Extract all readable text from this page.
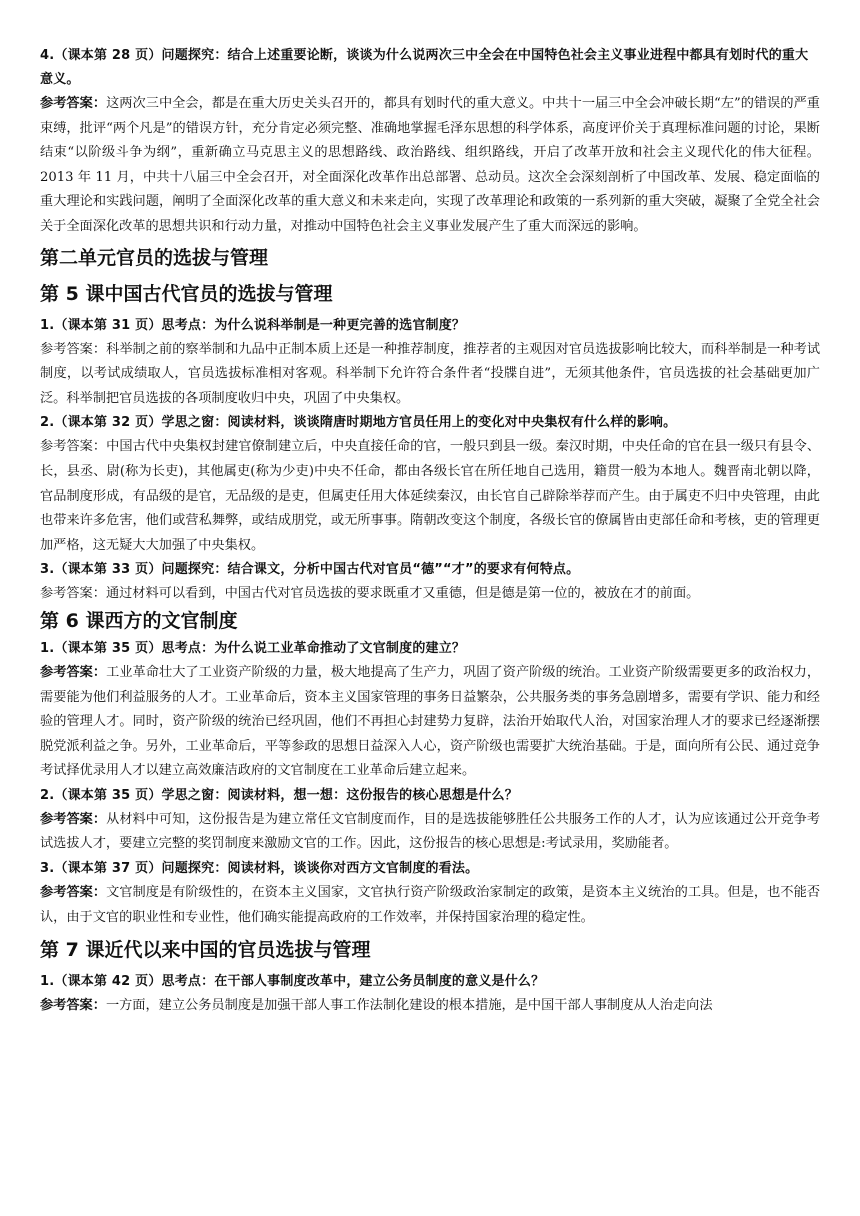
4.（课本第 28 页）问题探究：结合上述重要论断，谈谈为什么说两次三中全会在中国特色社会主义事业进程中都具有划时代的重大意义。

参考答案：这两次三中全会，都是在重大历史关头召开的，都具有划时代的重大意义。中共十一届三中全会冲破长期“左”的错误的严重束缚，批评“两个凡是”的错误方针，充分肯定必须完整、准确地掌握毛泽东思想的科学体系，高度评价关于真理标准问题的讨论，果断结束“以阶级斗争为纲”，重新确立马克思主义的思想路线、政治路线、组织路线，开启了改革开放和社会主义现代化的伟大征程。2013 年 11 月，中共十八届三中全会召开，对全面深化改革作出总部署、总动员。这次全会深刻剖析了中国改革、发展、稳定面临的重大理论和实践问题，阐明了全面深化改革的重大意义和未来走向，实现了改革理论和政策的一系列新的重大突破，凝聚了全党全社会关于全面深化改革的思想共识和行动力量，对推动中国特色社会主义事业发展产生了重大而深远的影响。

第二单元官员的选拔与管理
第 5 课中国古代官员的选拔与管理

1.（课本第 31 页）思考点：为什么说科举制是一种更完善的选官制度？

参考答案：科举制之前的察举制和九品中正制本质上还是一种推荐制度，推荐者的主观因对官员选拔影响比较大，而科举制是一种考试制度，以考试成绩取人，官员选拔标准相对客观。科举制下允许符合条件者“投牒自进”，无须其他条件，官员选拔的社会基础更加广泛。科举制把官员选拔的各项制度收归中央，巩固了中央集权。

2.（课本第 32 页）学思之窗：阅读材料，谈谈隋唐时期地方官员任用上的变化对中央集权有什么样的影响。

参考答案：中国古代中央集权封建官僚制建立后，中央直接任命的官，一般只到县一级。秦汉时期，中央任命的官在县一级只有县令、长，县丞、尉(称为长吏)，其他属吏(称为少吏)中央不任命，都由各级长官在所任地自己选用，籍贯一般为本地人。魏晋南北朝以降，官品制度形成，有品级的是官，无品级的是吏，但属吏任用大体延续秦汉，由长官自己辟除举荐而产生。由于属吏不归中央管理，由此也带来许多危害，他们或营私舞弊，或结成朋党，或无所事事。隋朝改变这个制度，各级长官的僚属皆由吏部任命和考核，吏的管理更加严格，这无疑大大加强了中央集权。

3.（课本第 33 页）问题探究：结合课文，分析中国古代对官员“德”“才”的要求有何特点。

参考答案：通过材料可以看到，中国古代对官员选拔的要求既重才又重德，但是德是第一位的，被放在才的前面。

第 6 课西方的文官制度

1.（课本第 35 页）思考点：为什么说工业革命推动了文官制度的建立？

参考答案：工业革命壮大了工业资产阶级的力量，极大地提高了生产力，巩固了资产阶级的统治。工业资产阶级需要更多的政治权力，需要能为他们利益服务的人才。工业革命后，资本主义国家管理的事务日益繁杂，公共服务类的事务急剧增多，需要有学识、能力和经验的管理人才。同时，资产阶级的统治已经巩固，他们不再担心封建势力复辟，法治开始取代人治，对国家治理人才的要求已经逐渐摆脱党派利益之争。另外，工业革命后，平等参政的思想日益深入人心，资产阶级也需要扩大统治基础。于是，面向所有公民、通过竞争考试择优录用人才以建立高效廉洁政府的文官制度在工业革命后建立起来。

2.（课本第 35 页）学思之窗：阅读材料，想一想：这份报告的核心思想是什么？

参考答案：从材料中可知，这份报告是为建立常任文官制度而作，目的是选拔能够胜任公共服务工作的人才，认为应该通过公开竞争考试选拔人才，要建立完整的奖罚制度来激励文官的工作。因此，这份报告的核心思想是:考试录用，奖励能者。

3.（课本第 37 页）问题探究：阅读材料，谈谈你对西方文官制度的看法。

参考答案：文官制度是有阶级性的，在资本主义国家，文官执行资产阶级政治家制定的政策，是资本主义统治的工具。但是，也不能否认，由于文官的职业性和专业性，他们确实能提高政府的工作效率，并保持国家治理的稳定性。

第 7 课近代以来中国的官员选拔与管理

1.（课本第 42 页）思考点：在干部人事制度改革中，建立公务员制度的意义是什么？

参考答案：一方面，建立公务员制度是加强干部人事工作法制化建设的根本措施，是中国干部人事制度从人治走向法
